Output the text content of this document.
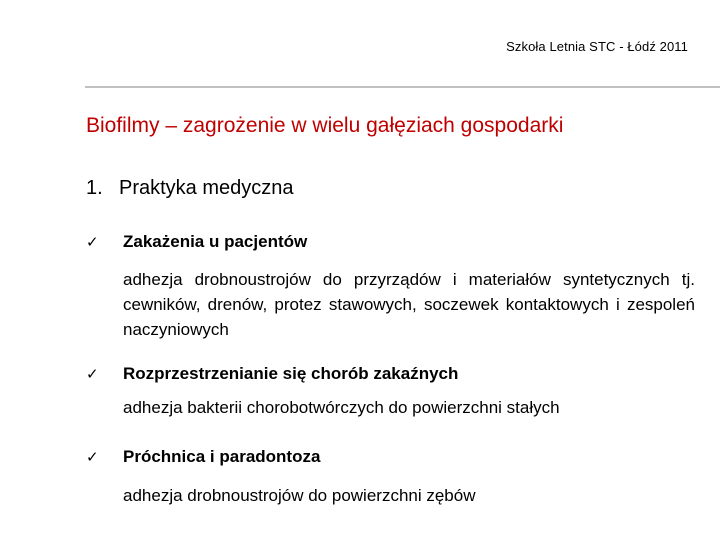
Szkoła Letnia STC - Łódź 2011
Biofilmy – zagrożenie w wielu gałęziach gospodarki
1. Praktyka medyczna
✓ Zakażenia u pacjentów
adhezja drobnoustrojów do przyrządów i materiałów syntetycznych tj. cewników, drenów, protez stawowych, soczewek kontaktowych i zespoleń naczyniowych
✓ Rozprzestrzenianie się chorób zakaźnych
adhezja bakterii chorobotwórczych do powierzchni stałych
✓ Próchnica i paradontoza
adhezja drobnoustrojów do powierzchni zębów
